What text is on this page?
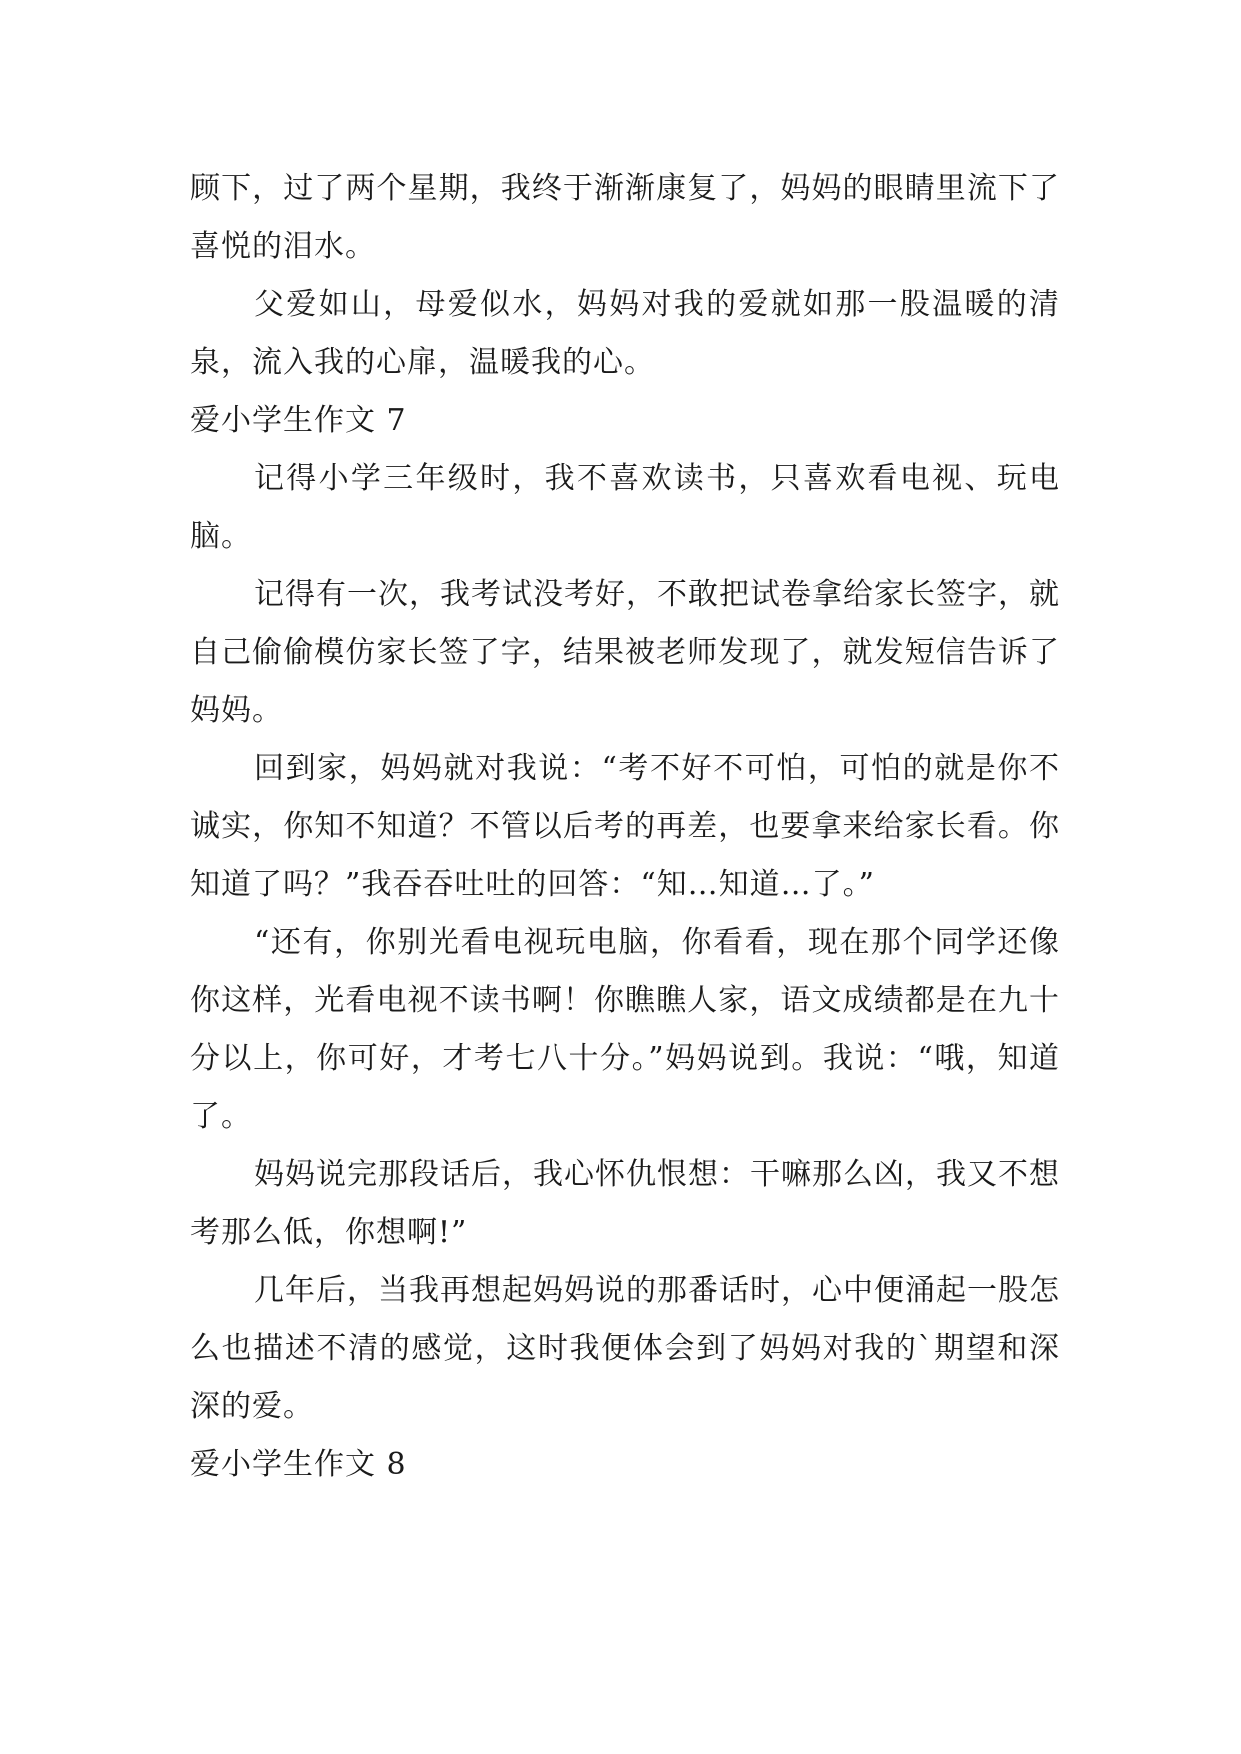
顾下，过了两个星期，我终于渐渐康复了，妈妈的眼睛里流下了喜悦的泪水。

父爱如山，母爱似水，妈妈对我的爱就如那一股温暖的清泉，流入我的心扉，温暖我的心。

爱小学生作文 7

记得小学三年级时，我不喜欢读书，只喜欢看电视、玩电脑。

记得有一次，我考试没考好，不敢把试卷拿给家长签字，就自己偷偷模仿家长签了字，结果被老师发现了，就发短信告诉了妈妈。

回到家，妈妈就对我说：“考不好不可怕，可怕的就是你不诚实，你知不知道？不管以后考的再差，也要拿来给家长看。你知道了吗？”我吞吞吐吐的回答：“知…知道…了。”

“还有，你别光看电视玩电脑，你看看，现在那个同学还像你这样，光看电视不读书啊！你瞧瞧人家，语文成绩都是在九十分以上，你可好，才考七八十分。”妈妈说到。我说：“哦，知道了。

妈妈说完那段话后，我心怀仇恨想：干嘛那么凶，我又不想考那么低，你想啊!”

几年后，当我再想起妈妈说的那番话时，心中便涌起一股怎么也描述不清的感觉，这时我便体会到了妈妈对我的`期望和深深的爱。

爱小学生作文 8
